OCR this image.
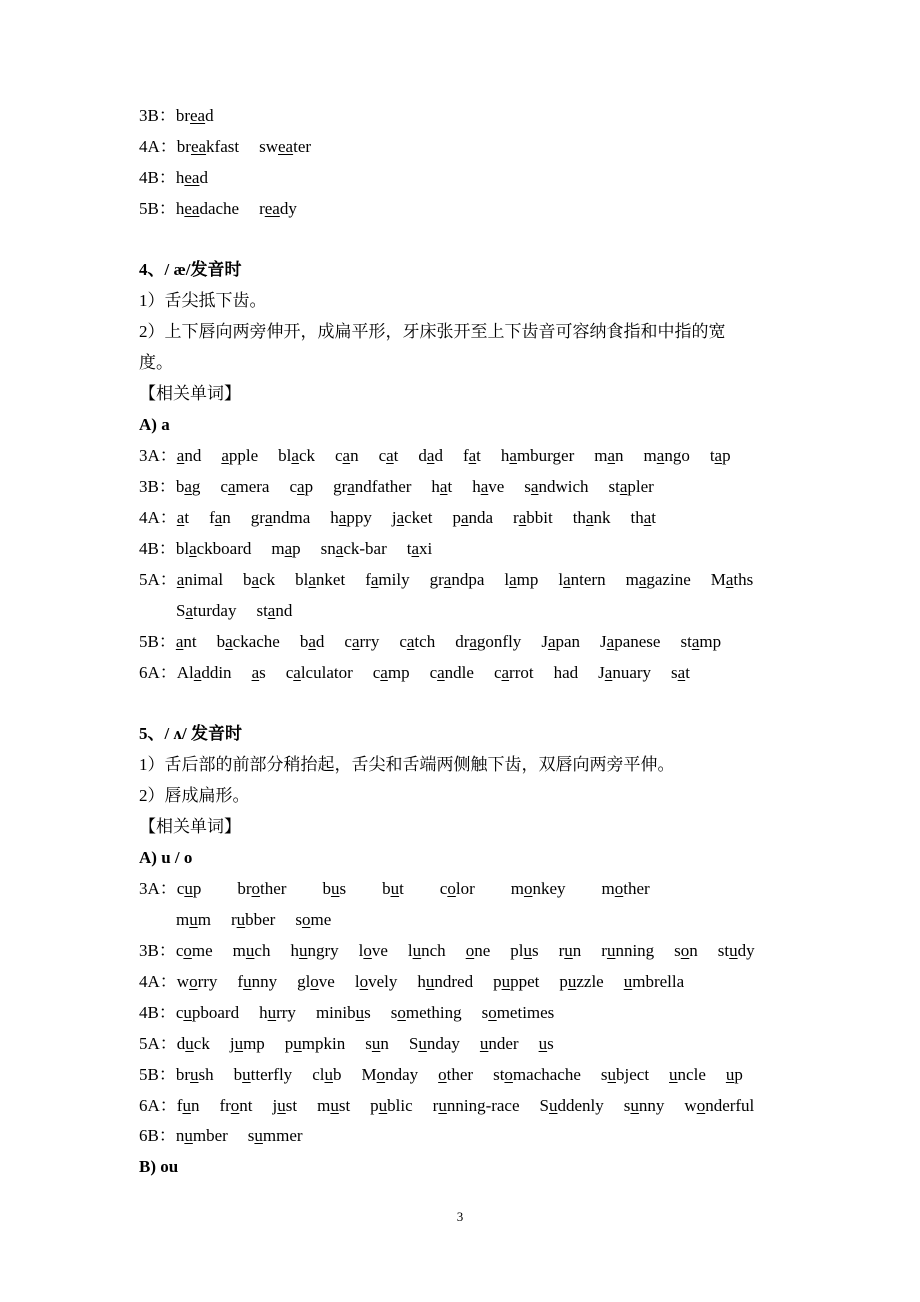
3
3B：bread
4A：breakfast sweater
4B：head
5B：headache ready
4、/ æ/发音时
1）舌尖抵下齿。
2）上下唇向两旁伸开，成扁平形，牙床张开至上下齿音可容纳食指和中指的宽
度。
【相关单词】
A) a
3A：and apple black can cat dad fat hamburger man mango tap
3B：bag camera cap grandfather hat have sandwich stapler
4A：at fan grandma happy jacket panda rabbit thank that
4B：blackboard map snack-bar taxi
5A：animal back blanket family grandpa lamp lantern magazine Maths
Saturday stand
5B：ant backache bad carry catch dragonfly Japan Japanese stamp
6A：Aladdin as calculator camp candle carrot had January sat
5、/ ʌ/ 发音时
1）舌后部的前部分稍抬起，舌尖和舌端两侧触下齿，双唇向两旁平伸。
2）唇成扁形。
【相关单词】
A) u / o
3A：cup brother bus but color monkey mother
mum rubber some
3B：come much hungry love lunch one plus run running son study
4A：worry funny glove lovely hundred puppet puzzle umbrella
4B：cupboard hurry minibus something sometimes
5A：duck jump pumpkin sun Sunday under us
5B：brush butterfly club Monday other stomachache subject uncle up
6A：fun front just must public running-race Suddenly sunny wonderful
6B：number summer
B) ou
